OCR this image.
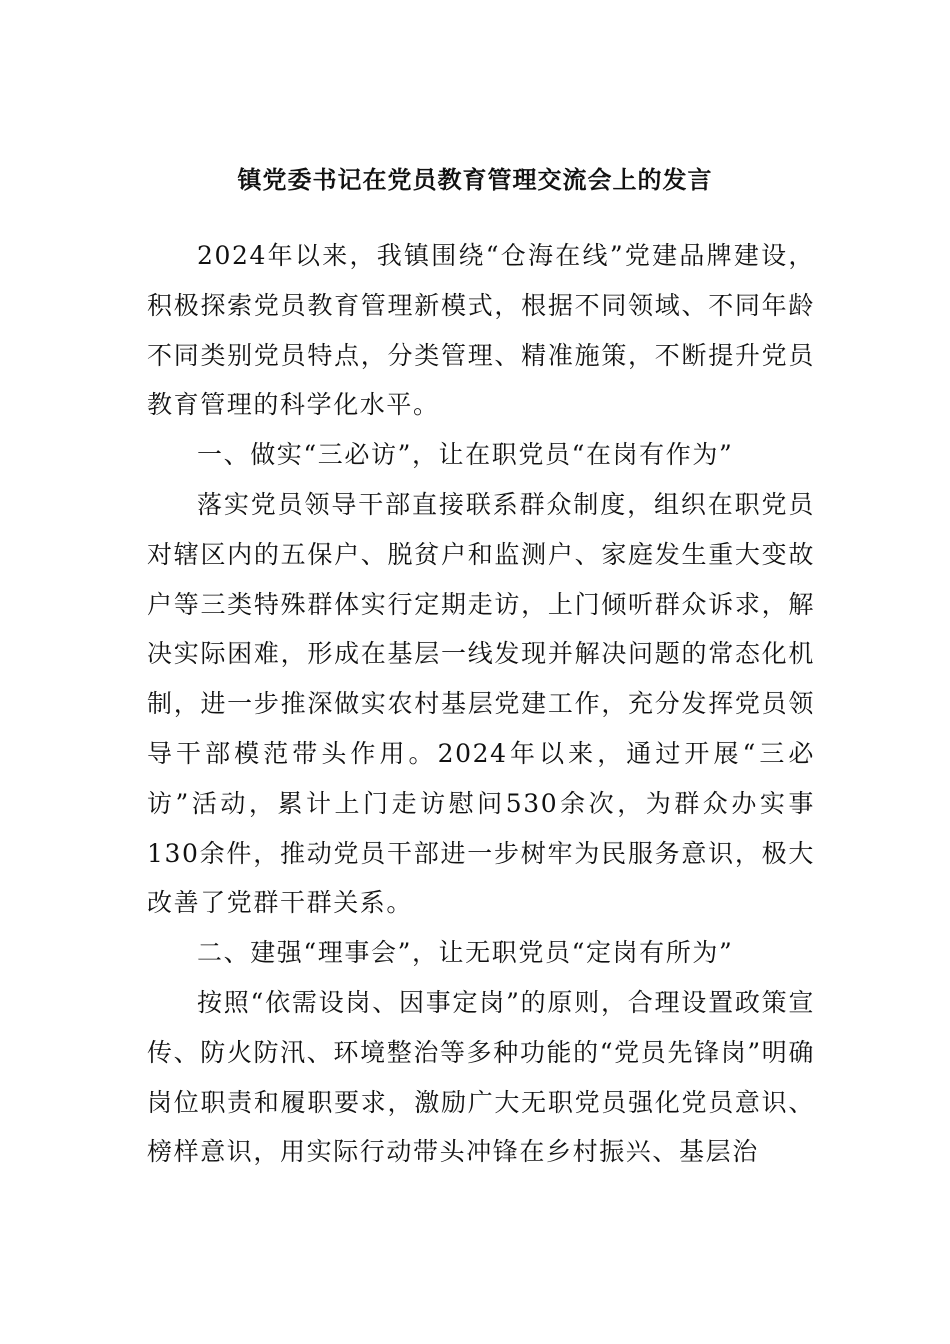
镇党委书记在党员教育管理交流会上的发言

2024年以来，我镇围绕“仓海在线”党建品牌建设，积极探索党员教育管理新模式，根据不同领域、不同年龄不同类别党员特点，分类管理、精准施策，不断提升党员教育管理的科学化水平。

一、做实“三必访”，让在职党员“在岗有作为”

落实党员领导干部直接联系群众制度，组织在职党员对辖区内的五保户、脱贫户和监测户、家庭发生重大变故户等三类特殊群体实行定期走访，上门倾听群众诉求，解决实际困难，形成在基层一线发现并解决问题的常态化机制，进一步推深做实农村基层党建工作，充分发挥党员领导干部模范带头作用。2024年以来，通过开展“三必访”活动，累计上门走访慰问530余次，为群众办实事130余件，推动党员干部进一步树牢为民服务意识，极大改善了党群干群关系。

二、建强“理事会”，让无职党员“定岗有所为”

按照“依需设岗、因事定岗”的原则，合理设置政策宣传、防火防汛、环境整治等多种功能的“党员先锋岗”明确岗位职责和履职要求，激励广大无职党员强化党员意识、榜样意识，用实际行动带头冲锋在乡村振兴、基层治
